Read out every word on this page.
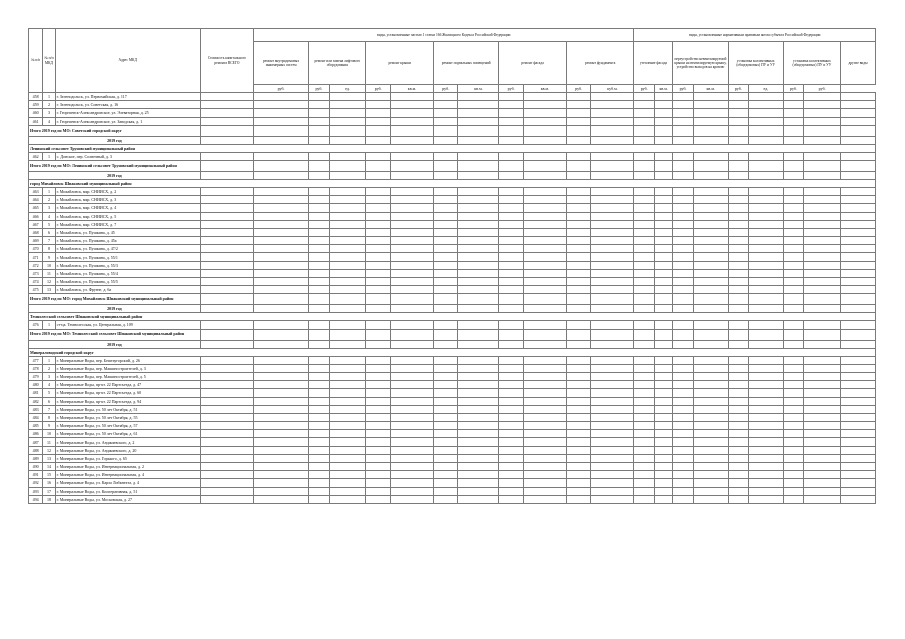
№ п/п	№ п/п МКД	Адрес МКД	Стоимость капитального ремонта ВСЕГО	виды, установленные частью 1 статьи 166 Жилищного Кодекса Российской Федерации											виды, установленные нормативным правовым актом субъекта Российской Федерации								
				ремонт внутридомовых инженерных систем	ремонт или замена лифтового оборудования		ремонт крыши		ремонт подвальных помещений		ремонт фасада		ремонт фундамента		утепление фасада		переустройство невентилируемой крыши на вентилируемую крышу, устройство выходов на кровлю		установка коллективных (общедомовых) ПУ и УУ		установка коллективных (общедомовых) ПУ и УУ		другие виды
				руб.	руб.	ед.	руб.	кв.м.	руб.	кв.м.	руб.	кв.м.	руб.	куб.м.	руб.	кв.м.	руб.	кв.м.	руб.	ед.	руб.	руб.	
458	1	г. Зеленодольск, ул. Первомайская, д. 117																					
459	2	г. Зеленодольск, ул. Советская, д. 16																					
460	3	г. Георгиевск-Александровское, ул. Элеваторная, д. 25																					
461	4	г. Георгиевск-Александровское, ул. Заводская, д. 1																					
Итого 2019 год по МО: Советский городской округ																							
2019 год																							
Ленинский сельсовет Труновский муниципальный район																							
462	1	с. Донское, пер. Солнечный, д. 3																					
Итого 2019 год по МО: Ленинский сельсовет Труновский муниципальный район																							
2019 год																							
город Михайловск Шпаковский муниципальный район																							
463	1	г. Михайловск, мкр. СНИИСХ, д. 2																					
464	2	г. Михайловск, мкр. СНИИСХ, д. 3																					
465	3	г. Михайловск, мкр. СНИИСХ, д. 4																					
466	4	г. Михайловск, мкр. СНИИСХ, д. 5																					
467	5	г. Михайловск, мкр. СНИИСХ, д. 7																					
468	6	г. Михайловск, ул. Пушкина, д. 45																					
469	7	г. Михайловск, ул. Пушкина, д. 45а																					
470	8	г. Михайловск, ул. Пушкина, д. 47/2																					
471	9	г. Михайловск, ул. Пушкина, д. 55/1																					
472	10	г. Михайловск, ул. Пушкина, д. 55/3																					
473	11	г. Михайловск, ул. Пушкина, д. 55/4																					
474	12	г. Михайловск, ул. Пушкина, д. 55/5																					
475	13	г. Михайловск, ул. Фрунзе, д. 6а																					
Итого 2019 год по МО: город Михайловск Шпаковский муниципальный район																							
2019 год																							
Темнолесский сельсовет Шпаковский муниципальный район																							
476	1	ст-ца. Темнолесская, ул. Центральная, д. 109																					
Итого 2019 год по МО: Темнолесский сельсовет Шпаковский муниципальный район																							
2019 год																							
Минераловодский городской округ																							
477	1	г. Минеральные Воды, пер. Бештаугорский, д. 26																					
478	2	г. Минеральные Воды, пер. Машиностроителей, д. 3																					
479	3	г. Минеральные Воды, пер. Машиностроителей, д. 5																					
480	4	г. Минеральные Воды, пр-кт. 22 Партсъезда, д. 47																					
481	5	г. Минеральные Воды, пр-кт. 22 Партсъезда, д. 60																					
482	6	г. Минеральные Воды, пр-кт. 22 Партсъезда, д. 94																					
483	7	г. Минеральные Воды, ул. 50 лет Октября, д. 51																					
484	8	г. Минеральные Воды, ул. 50 лет Октября, д. 55																					
485	9	г. Минеральные Воды, ул. 50 лет Октября, д. 57																					
486	10	г. Минеральные Воды, ул. 50 лет Октября, д. 61																					
487	11	г. Минеральные Воды, ул. Анджиевского, д. 2																					
488	12	г. Минеральные Воды, ул. Анджиевского, д. 20																					
489	13	г. Минеральные Воды, ул. Горького, д. 65																					
490	14	г. Минеральные Воды, ул. Интернациональная, д. 2																					
491	15	г. Минеральные Воды, ул. Интернациональная, д. 4																					
492	16	г. Минеральные Воды, ул. Карла Либкнехта, д. 4																					
493	17	г. Минеральные Воды, ул. Кооперативная, д. 51																					
494	18	г. Минеральные Воды, ул. Московская, д. 27																					
